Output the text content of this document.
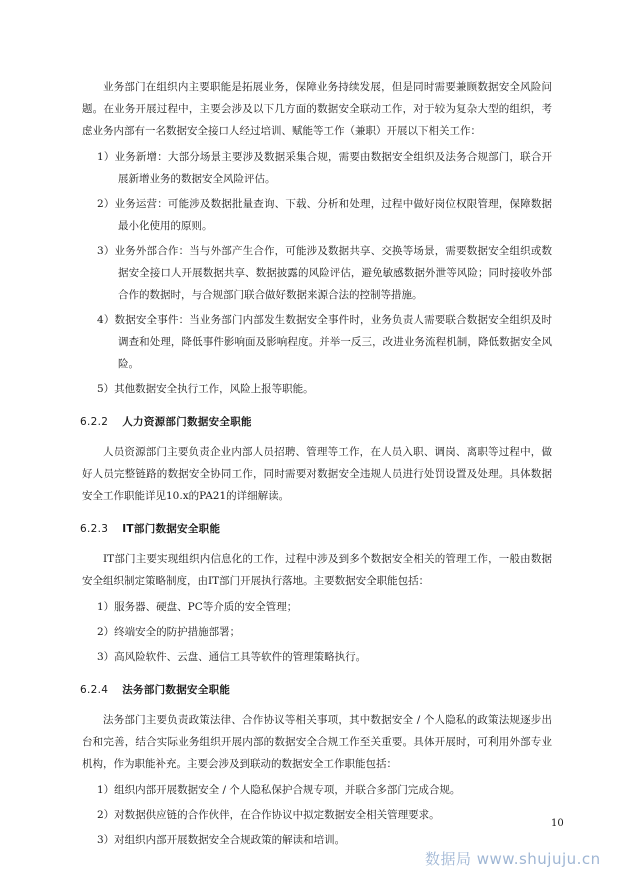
业务部门在组织内主要职能是拓展业务，保障业务持续发展，但是同时需要兼顾数据安全风险问题。在业务开展过程中，主要会涉及以下几方面的数据安全联动工作，对于较为复杂大型的组织，考虑业务内部有一名数据安全接口人经过培训、赋能等工作（兼职）开展以下相关工作：

1）业务新增：大部分场景主要涉及数据采集合规，需要由数据安全组织及法务合规部门，联合开展新增业务的数据安全风险评估。

2）业务运营：可能涉及数据批量查询、下载、分析和处理，过程中做好岗位权限管理，保障数据最小化使用的原则。

3）业务外部合作：当与外部产生合作，可能涉及数据共享、交换等场景，需要数据安全组织或数据安全接口人开展数据共享、数据披露的风险评估，避免敏感数据外泄等风险；同时接收外部合作的数据时，与合规部门联合做好数据来源合法的控制等措施。

4）数据安全事件：当业务部门内部发生数据安全事件时，业务负责人需要联合数据安全组织及时调查和处理，降低事件影响面及影响程度。并举一反三，改进业务流程机制，降低数据安全风险。

5）其他数据安全执行工作，风险上报等职能。

6.2.2 人力资源部门数据安全职能

人员资源部门主要负责企业内部人员招聘、管理等工作，在人员入职、调岗、离职等过程中，做好人员完整链路的数据安全协同工作，同时需要对数据安全违规人员进行处罚设置及处理。具体数据安全工作职能详见10.x的PA21的详细解读。

6.2.3 IT部门数据安全职能

IT部门主要实现组织内信息化的工作，过程中涉及到多个数据安全相关的管理工作，一般由数据安全组织制定策略制度，由IT部门开展执行落地。主要数据安全职能包括：

1）服务器、硬盘、PC等介质的安全管理；

2）终端安全的防护措施部署；

3）高风险软件、云盘、通信工具等软件的管理策略执行。

6.2.4 法务部门数据安全职能

法务部门主要负责政策法律、合作协议等相关事项，其中数据安全 / 个人隐私的政策法规逐步出台和完善，结合实际业务组织开展内部的数据安全合规工作至关重要。具体开展时，可利用外部专业机构，作为职能补充。主要会涉及到联动的数据安全工作职能包括：

1）组织内部开展数据安全 / 个人隐私保护合规专项，并联合多部门完成合规。

2）对数据供应链的合作伙伴，在合作协议中拟定数据安全相关管理要求。

3）对组织内部开展数据安全合规政策的解读和培训。

10
数据局 www.shujuju.cn
